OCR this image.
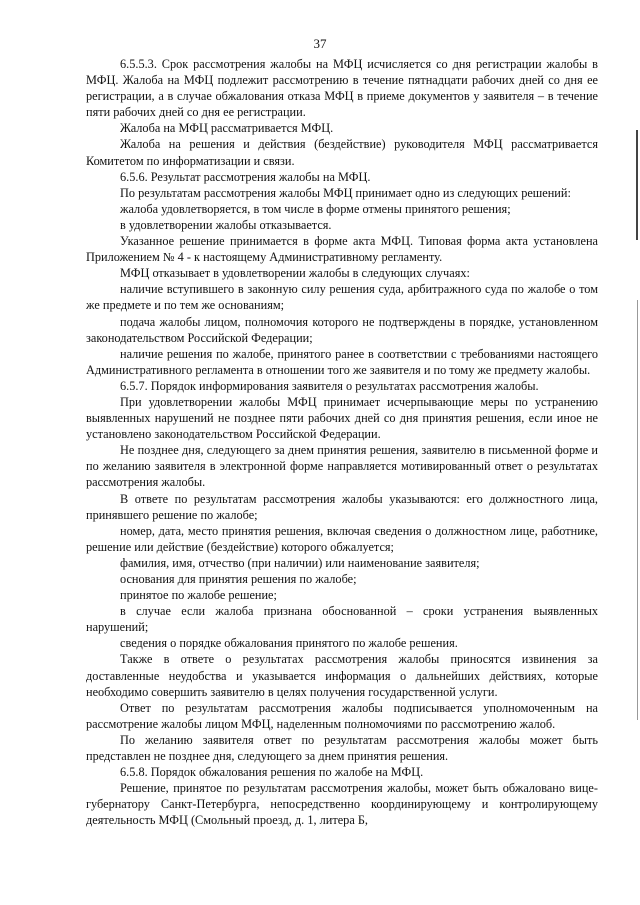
37

6.5.5.3. Срок рассмотрения жалобы на МФЦ исчисляется со дня регистрации жалобы в МФЦ. Жалоба на МФЦ подлежит рассмотрению в течение пятнадцати рабочих дней со дня ее регистрации, а в случае обжалования отказа МФЦ в приеме документов у заявителя – в течение пяти рабочих дней со дня ее регистрации.

Жалоба на МФЦ рассматривается МФЦ.

Жалоба на решения и действия (бездействие) руководителя МФЦ рассматривается Комитетом по информатизации и связи.

6.5.6. Результат рассмотрения жалобы на МФЦ.

По результатам рассмотрения жалобы МФЦ принимает одно из следующих решений:

жалоба удовлетворяется, в том числе в форме отмены принятого решения;

в удовлетворении жалобы отказывается.

Указанное решение принимается в форме акта МФЦ. Типовая форма акта установлена Приложением № 4 - к настоящему Административному регламенту.

МФЦ отказывает в удовлетворении жалобы в следующих случаях:

наличие вступившего в законную силу решения суда, арбитражного суда по жалобе о том же предмете и по тем же основаниям;

подача жалобы лицом, полномочия которого не подтверждены в порядке, установленном законодательством Российской Федерации;

наличие решения по жалобе, принятого ранее в соответствии с требованиями настоящего Административного регламента в отношении того же заявителя и по тому же предмету жалобы.

6.5.7. Порядок информирования заявителя о результатах рассмотрения жалобы.

При удовлетворении жалобы МФЦ принимает исчерпывающие меры по устранению выявленных нарушений не позднее пяти рабочих дней со дня принятия решения, если иное не установлено законодательством Российской Федерации.

Не позднее дня, следующего за днем принятия решения, заявителю в письменной форме и по желанию заявителя в электронной форме направляется мотивированный ответ о результатах рассмотрения жалобы.

В ответе по результатам рассмотрения жалобы указываются: его должностного лица, принявшего решение по жалобе;

номер, дата, место принятия решения, включая сведения о должностном лице, работнике, решение или действие (бездействие) которого обжалуется;

фамилия, имя, отчество (при наличии) или наименование заявителя;

основания для принятия решения по жалобе;

принятое по жалобе решение;

в случае если жалоба признана обоснованной – сроки устранения выявленных нарушений;

сведения о порядке обжалования принятого по жалобе решения.

Также в ответе о результатах рассмотрения жалобы приносятся извинения за доставленные неудобства и указывается информация о дальнейших действиях, которые необходимо совершить заявителю в целях получения государственной услуги.

Ответ по результатам рассмотрения жалобы подписывается уполномоченным на рассмотрение жалобы лицом МФЦ, наделенным полномочиями по рассмотрению жалоб.

По желанию заявителя ответ по результатам рассмотрения жалобы может быть представлен не позднее дня, следующего за днем принятия решения.

6.5.8. Порядок обжалования решения по жалобе на МФЦ.

Решение, принятое по результатам рассмотрения жалобы, может быть обжаловано вице-губернатору Санкт-Петербурга, непосредственно координирующему и контролирующему деятельность МФЦ (Смольный проезд, д. 1, литера Б,
